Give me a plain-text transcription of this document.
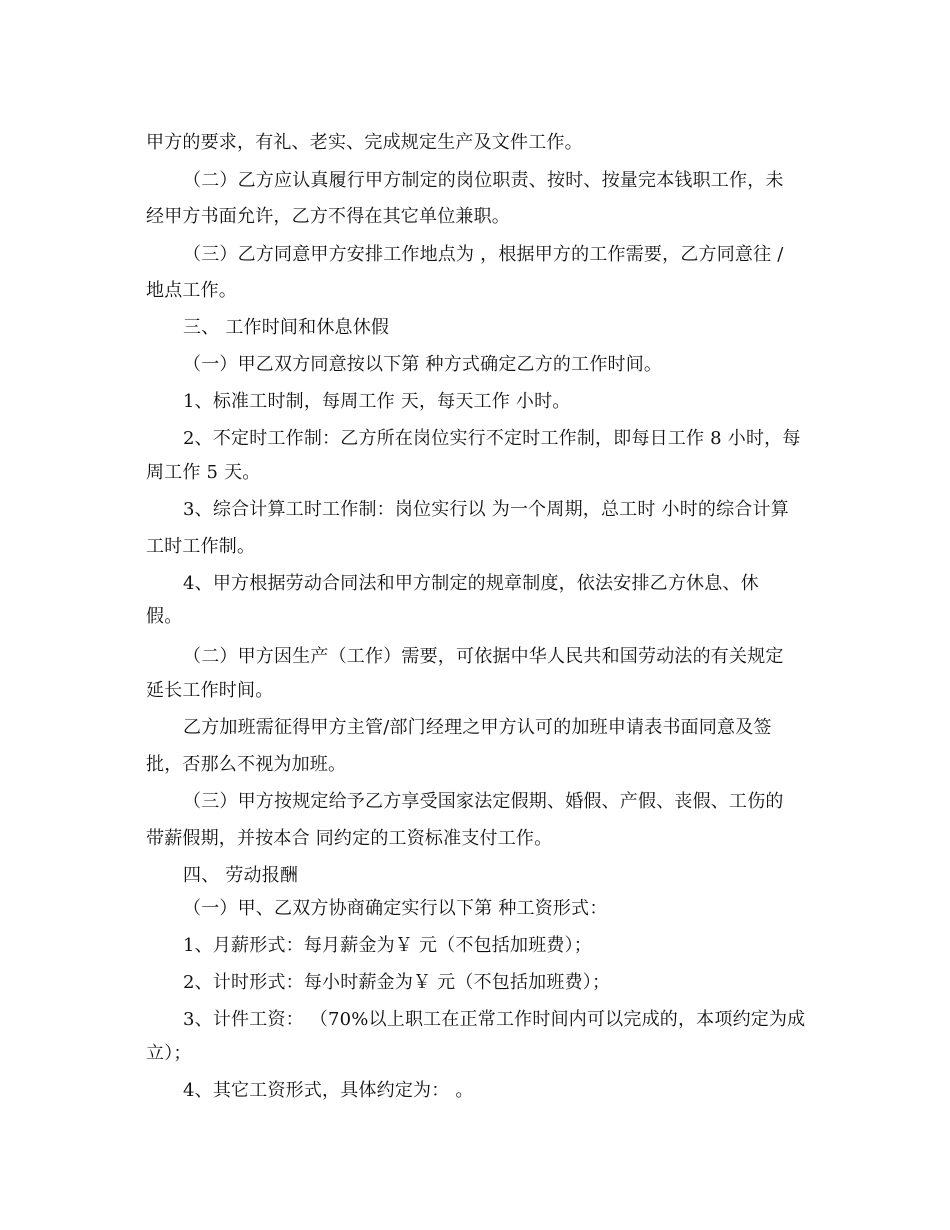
甲方的要求，有礼、老实、完成规定生产及文件工作。
（二）乙方应认真履行甲方制定的岗位职责、按时、按量完本钱职工作，未
经甲方书面允许，乙方不得在其它单位兼职。
（三）乙方同意甲方安排工作地点为 ，根据甲方的工作需要，乙方同意往 /
地点工作。
三、 工作时间和休息休假
（一）甲乙双方同意按以下第 种方式确定乙方的工作时间。
1、标准工时制，每周工作 天，每天工作 小时。
2、不定时工作制：乙方所在岗位实行不定时工作制，即每日工作 8 小时，每
周工作 5 天。
3、综合计算工时工作制：岗位实行以 为一个周期，总工时 小时的综合计算
工时工作制。
4、甲方根据劳动合同法和甲方制定的规章制度，依法安排乙方休息、休
假。
（二）甲方因生产（工作）需要，可依据中华人民共和国劳动法的有关规定
延长工作时间。
乙方加班需征得甲方主管/部门经理之甲方认可的加班申请表书面同意及签
批，否那么不视为加班。
（三）甲方按规定给予乙方享受国家法定假期、婚假、产假、丧假、工伤的
带薪假期，并按本合 同约定的工资标准支付工作。
四、 劳动报酬
（一）甲、乙双方协商确定实行以下第 种工资形式：
1、月薪形式：每月薪金为￥ 元（不包括加班费）；
2、计时形式：每小时薪金为￥ 元（不包括加班费）；
3、计件工资： （70%以上职工在正常工作时间内可以完成的，本项约定为成
立）；
4、其它工资形式，具体约定为： 。
